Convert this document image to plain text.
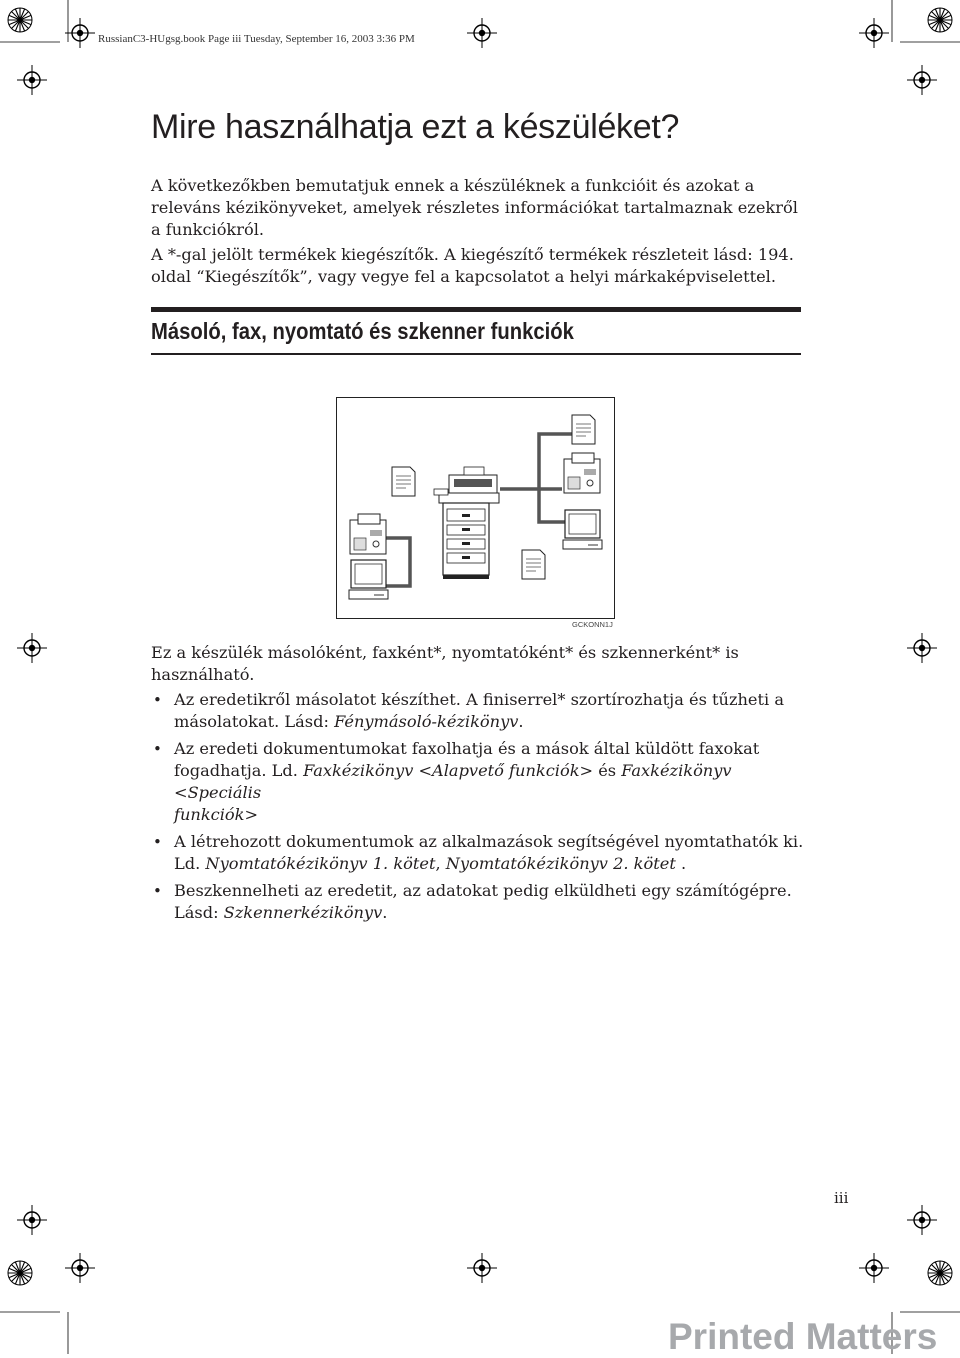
RussianC3-HUgsg.book Page iii Tuesday, September 16, 2003 3:36 PM
Mire használhatja ezt a készüléket?

A következőkben bemutatjuk ennek a készüléknek a funkcióit és azokat a
releváns kézikönyveket, amelyek részletes információkat tartalmaznak ezekről
a funkciókról.

A *-gal jelölt termékek kiegészítők. A kiegészítő termékek részleteit lásd: 194.
oldal “Kiegészítők”, vagy vegye fel a kapcsolatot a helyi márkaképviselettel.

Másoló, fax, nyomtató és szkenner funkciók
GCKONN1J

Ez a készülék másolóként, faxként*, nyomtatóként* és szkennerként* is
használható.

• Az eredetikről másolatot készíthet. A finiserrel* szortírozhatja és tűzheti a
másolatokat. Lásd: Fénymásoló-kézikönyv.
• Az eredeti dokumentumokat faxolhatja és a mások által küldött faxokat
fogadhatja. Ld. Faxkézikönyv <Alapvető funkciók> és Faxkézikönyv <Speciális
funkciók>
• A létrehozott dokumentumok az alkalmazások segítségével nyomtathatók ki.
Ld. Nyomtatókézikönyv 1. kötet, Nyomtatókézikönyv 2. kötet .
• Beszkennelheti az eredetit, az adatokat pedig elküldheti egy számítógépre.
Lásd: Szkennerkézikönyv.
iii
Printed Matters
